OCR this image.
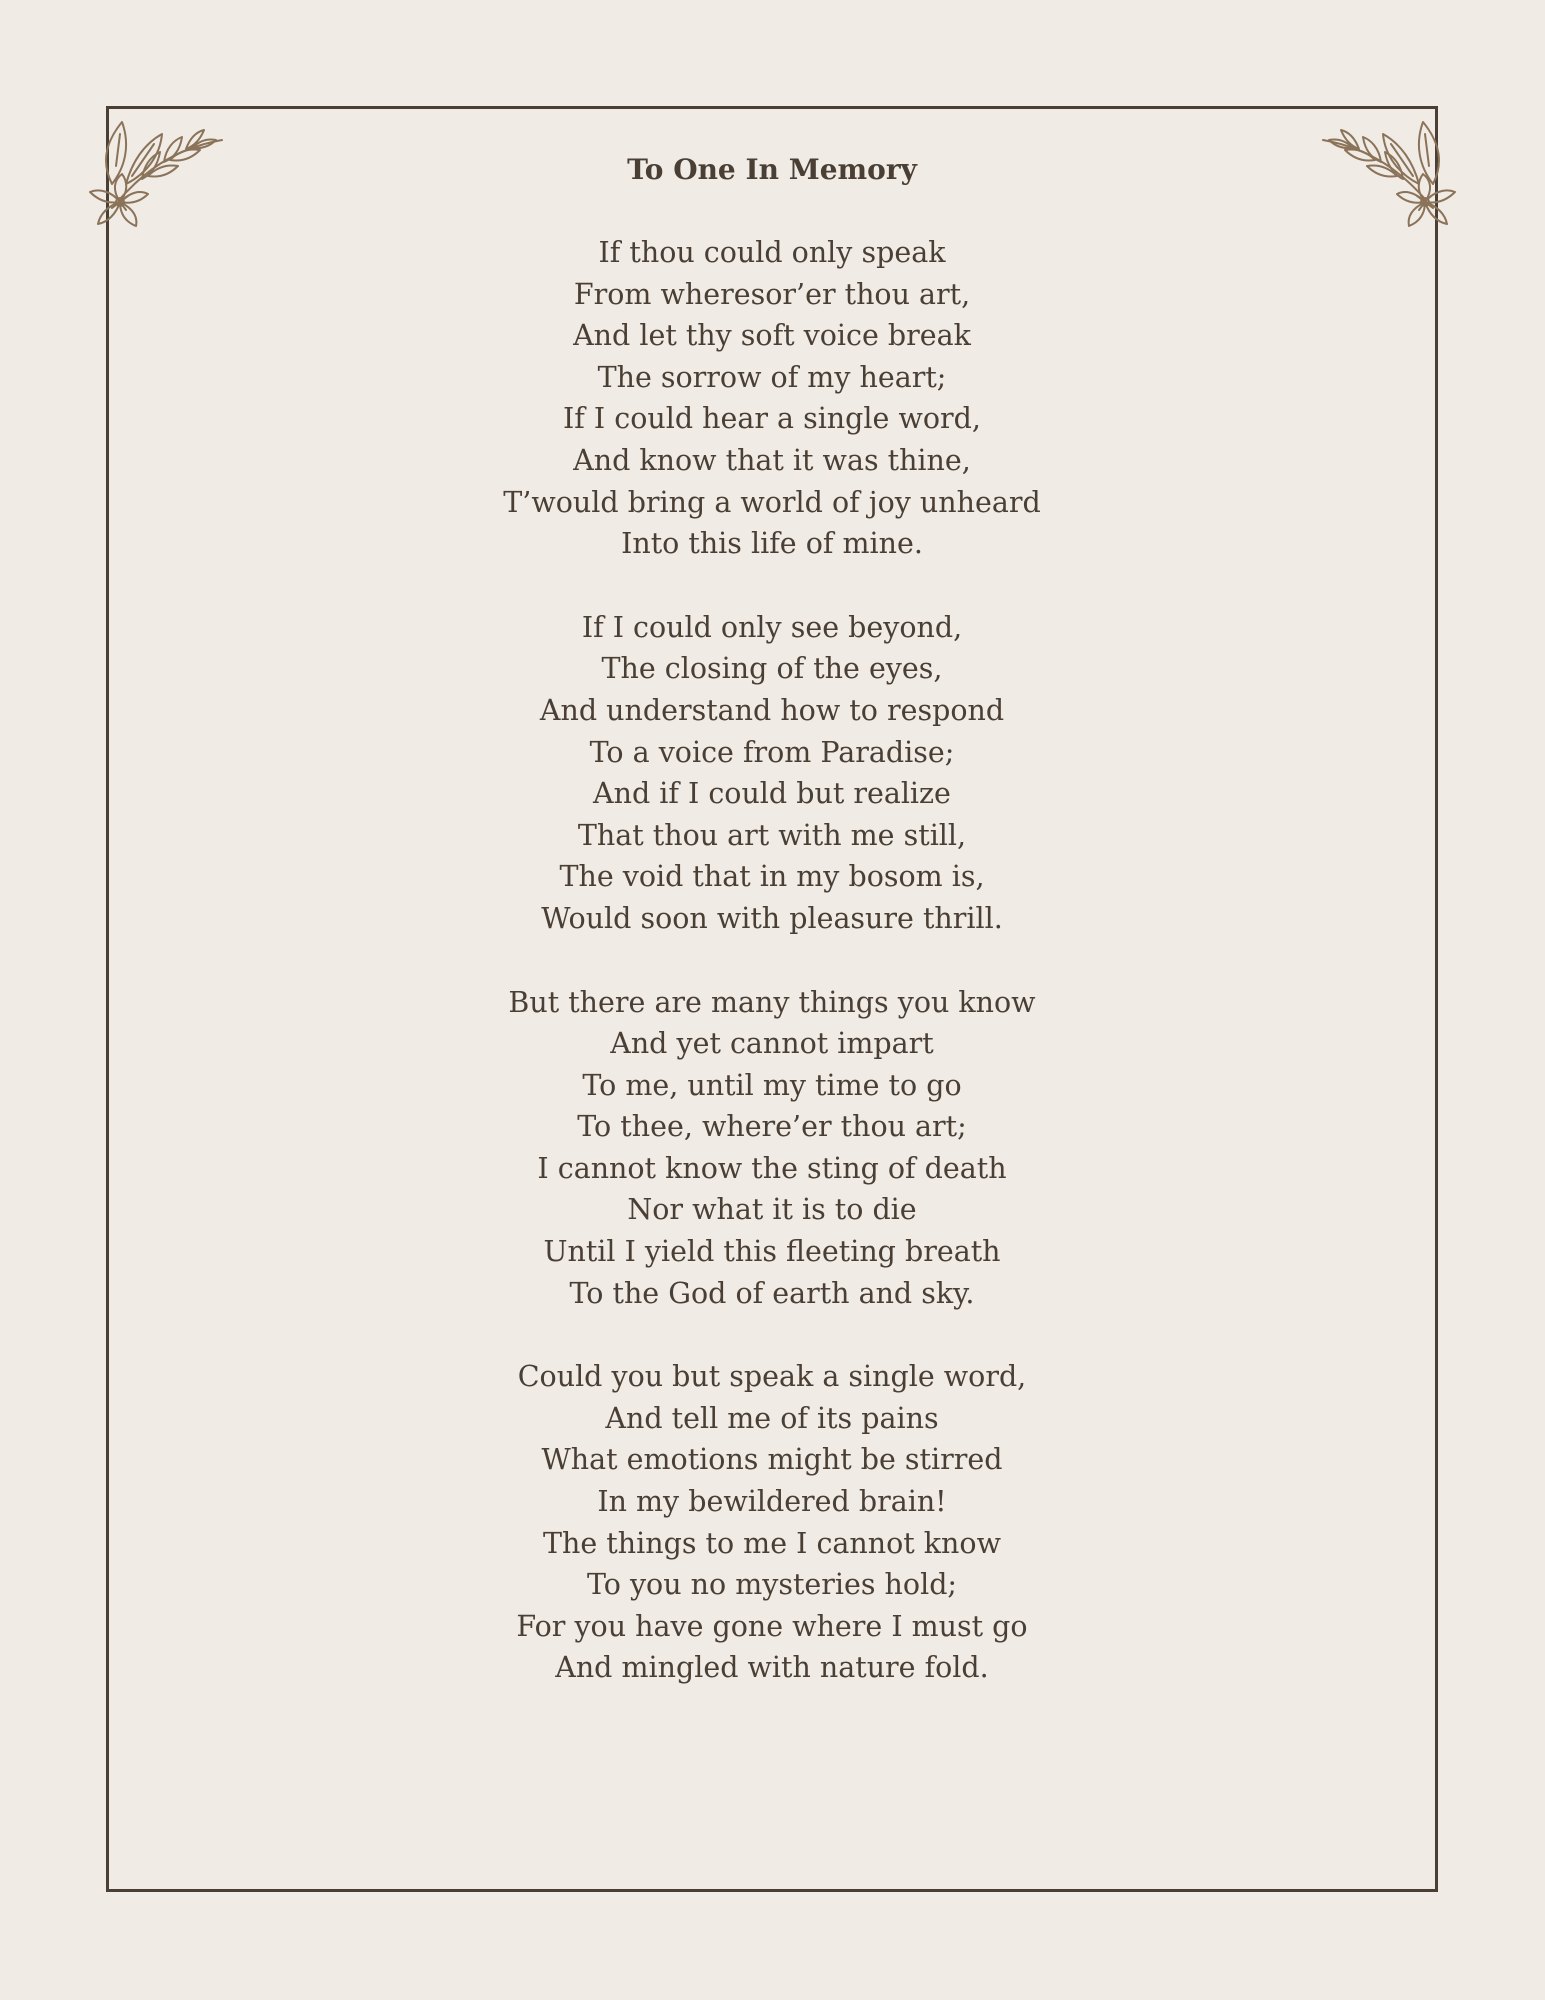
To One In Memory
If thou could only speak
From wheresor’er thou art,
And let thy soft voice break
The sorrow of my heart;
If I could hear a single word,
And know that it was thine,
T’would bring a world of joy unheard
Into this life of mine.
If I could only see beyond,
The closing of the eyes,
And understand how to respond
To a voice from Paradise;
And if I could but realize
That thou art with me still,
The void that in my bosom is,
Would soon with pleasure thrill.
But there are many things you know
And yet cannot impart
To me, until my time to go
To thee, where’er thou art;
I cannot know the sting of death
Nor what it is to die
Until I yield this fleeting breath
To the God of earth and sky.
Could you but speak a single word,
And tell me of its pains
What emotions might be stirred
In my bewildered brain!
The things to me I cannot know
To you no mysteries hold;
For you have gone where I must go
And mingled with nature fold.
